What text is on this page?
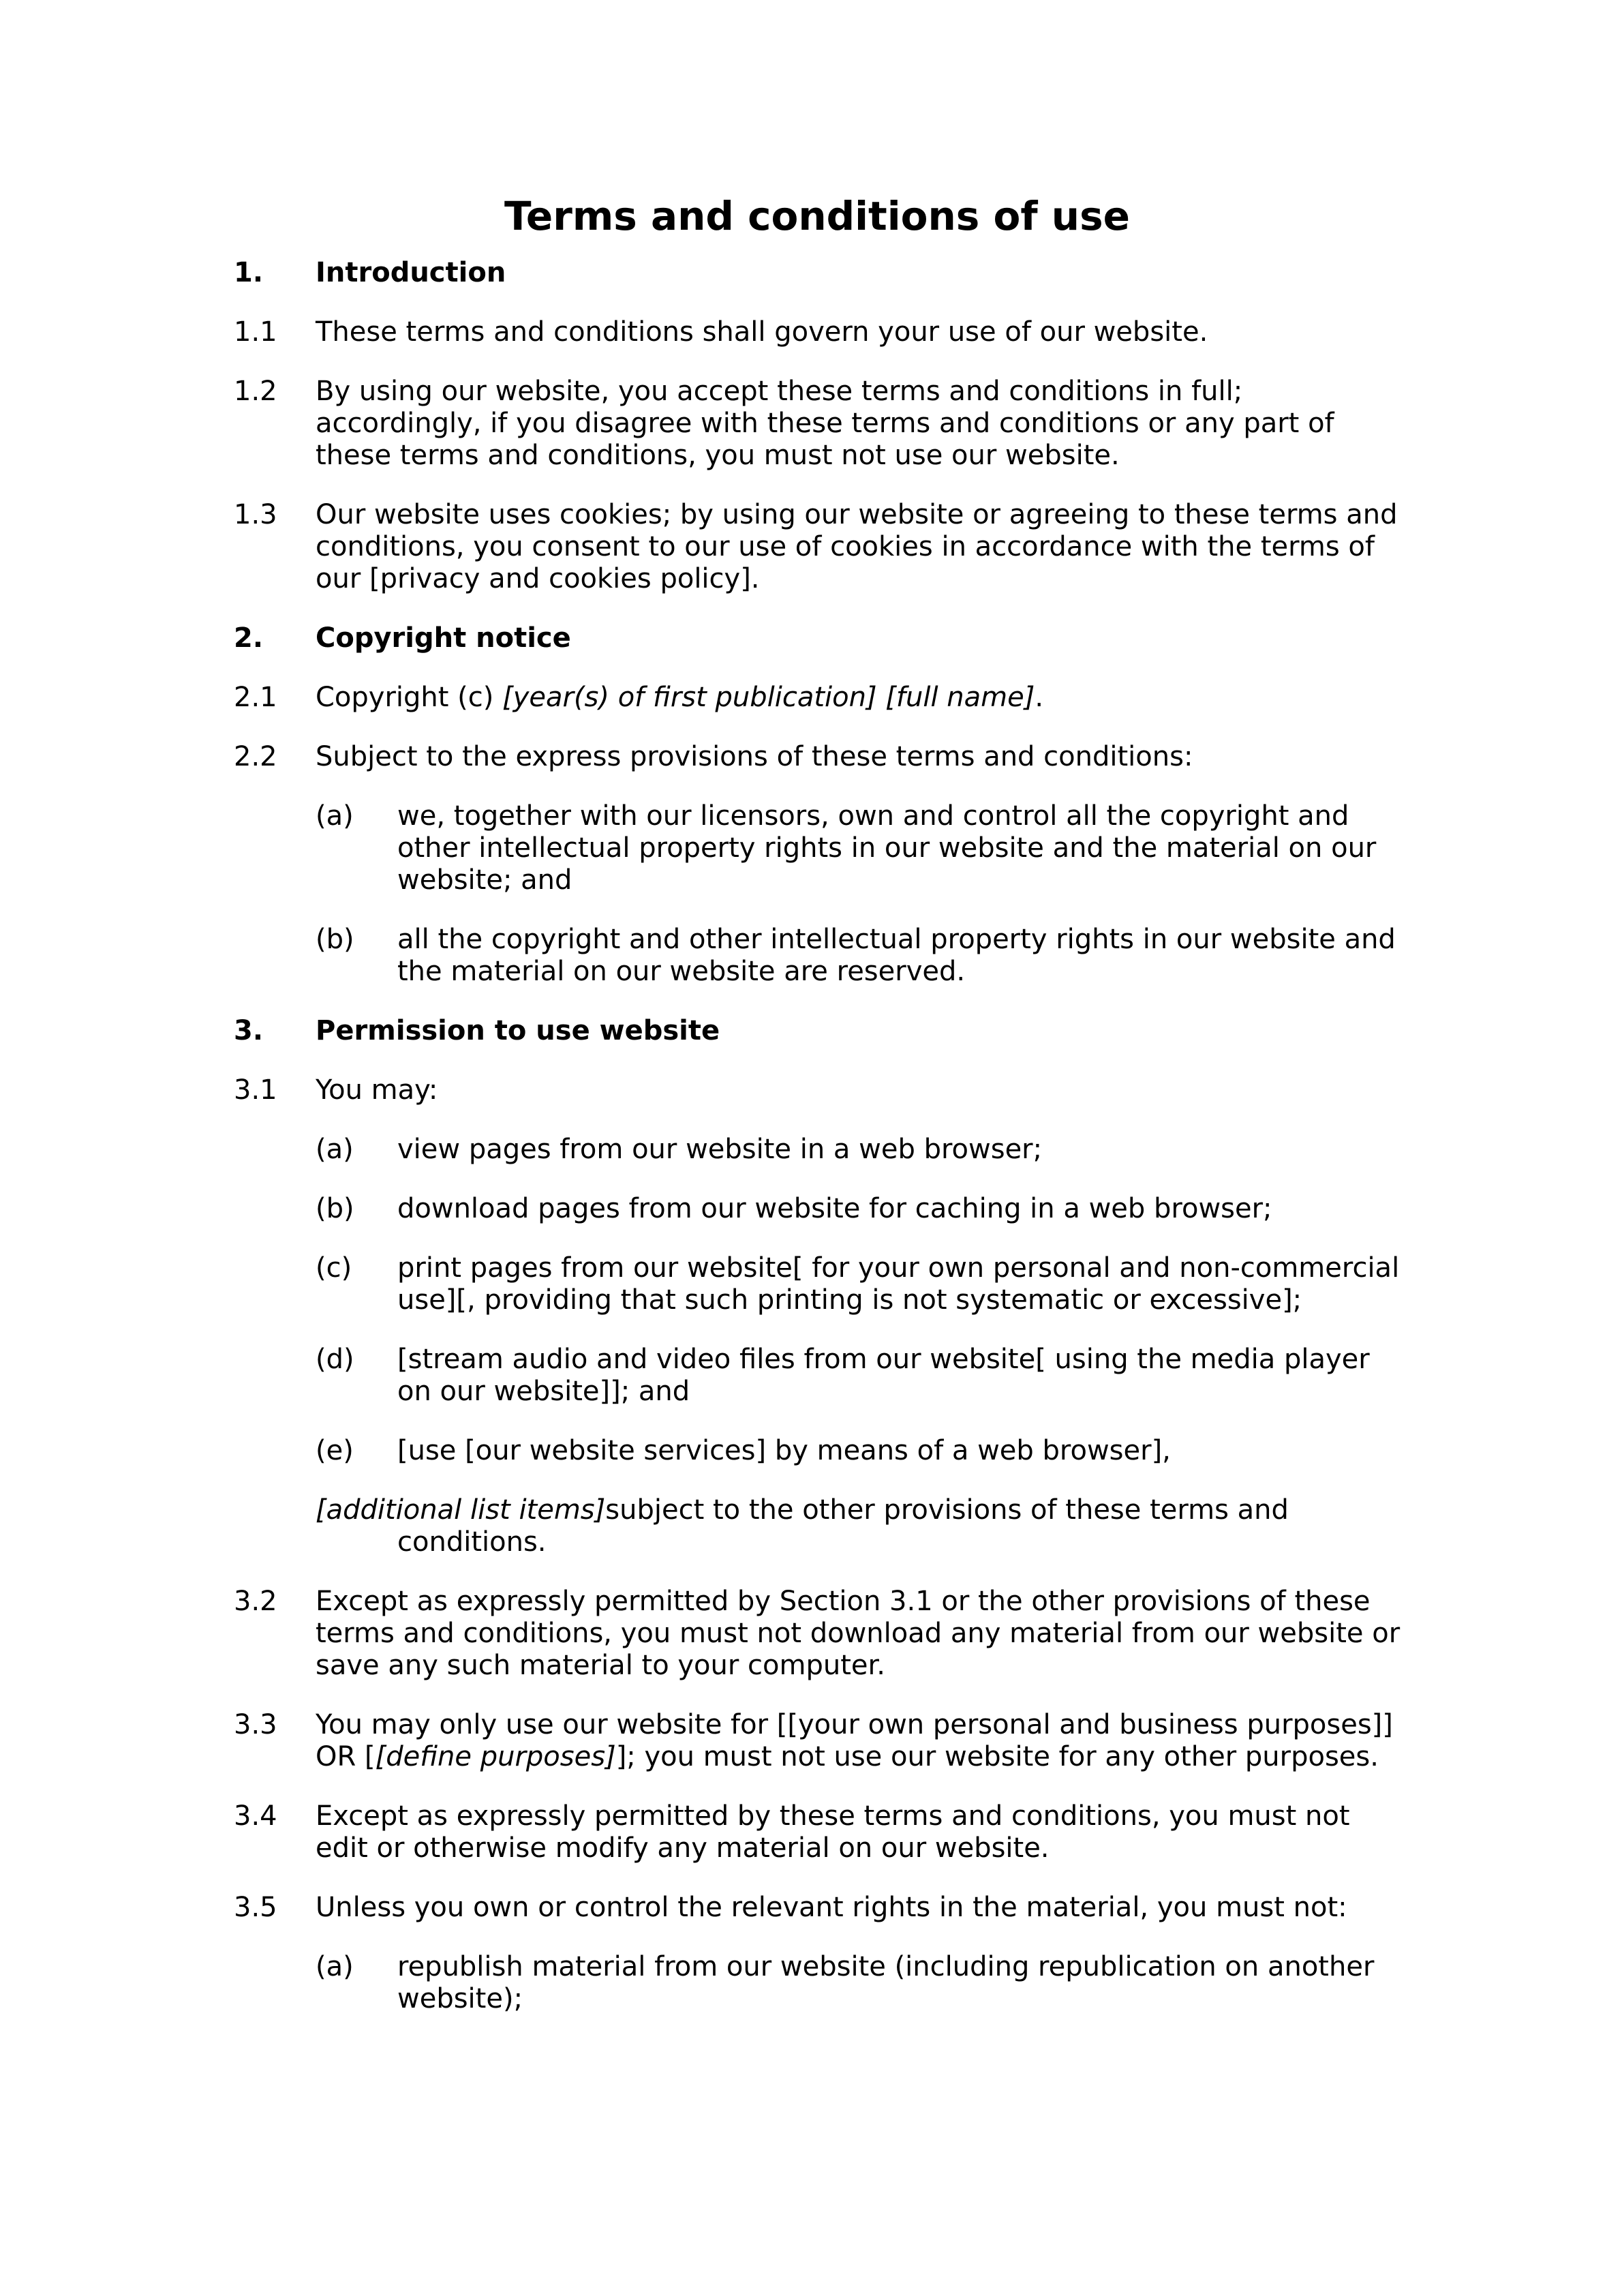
Terms and conditions of use
1.	Introduction
1.1	These terms and conditions shall govern your use of our website.
1.2	By using our website, you accept these terms and conditions in full; accordingly, if you disagree with these terms and conditions or any part of these terms and conditions, you must not use our website.
1.3	Our website uses cookies; by using our website or agreeing to these terms and conditions, you consent to our use of cookies in accordance with the terms of our [privacy and cookies policy].
2.	Copyright notice
2.1	Copyright (c) [year(s) of first publication] [full name].
2.2	Subject to the express provisions of these terms and conditions:
(a)	we, together with our licensors, own and control all the copyright and other intellectual property rights in our website and the material on our website; and
(b)	all the copyright and other intellectual property rights in our website and the material on our website are reserved.
3.	Permission to use website
3.1	You may:
(a)	view pages from our website in a web browser;
(b)	download pages from our website for caching in a web browser;
(c)	print pages from our website[ for your own personal and non-commercial use][, providing that such printing is not systematic or excessive];
(d)	[stream audio and video files from our website[ using the media player on our website]]; and
(e)	[use [our website services] by means of a web browser],
[additional list items]subject to the other provisions of these terms and conditions.
3.2	Except as expressly permitted by Section 3.1 or the other provisions of these terms and conditions, you must not download any material from our website or save any such material to your computer.
3.3	You may only use our website for [[your own personal and business purposes]] OR [[define purposes]]; you must not use our website for any other purposes.
3.4	Except as expressly permitted by these terms and conditions, you must not edit or otherwise modify any material on our website.
3.5	Unless you own or control the relevant rights in the material, you must not:
(a)	republish material from our website (including republication on another website);
